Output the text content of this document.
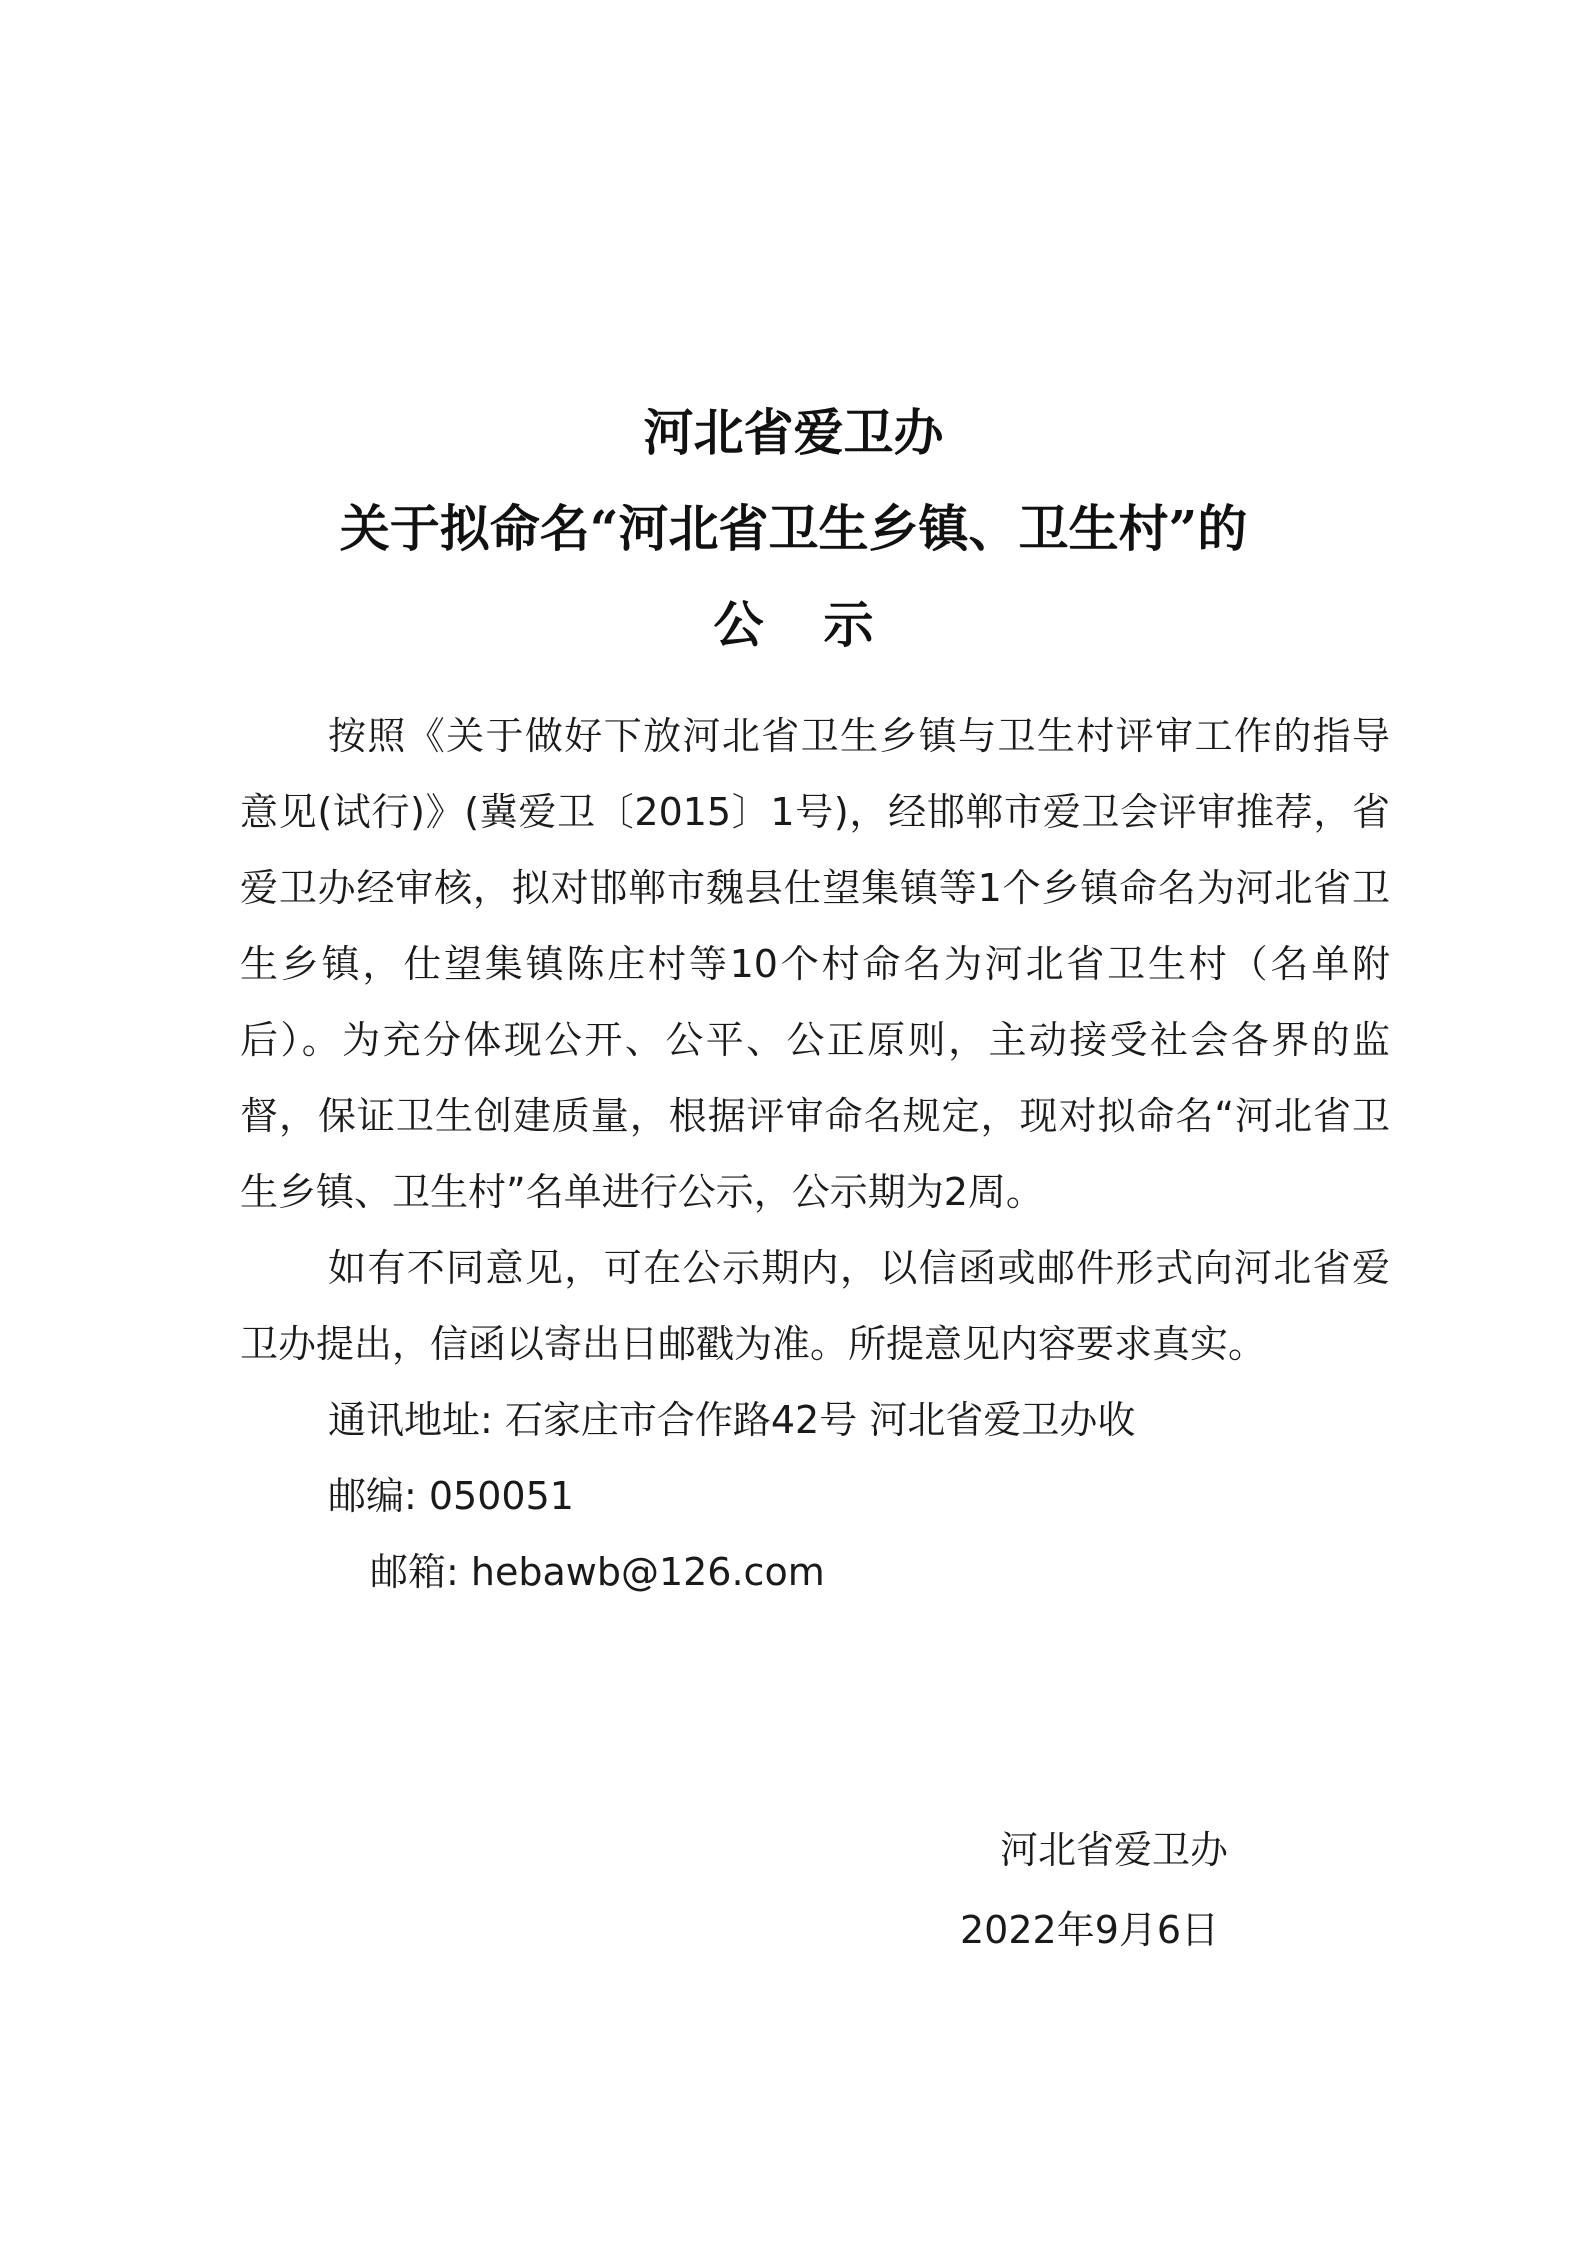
河北省爱卫办
关于拟命名“河北省卫生乡镇、卫生村”的
公示

按照《关于做好下放河北省卫生乡镇与卫生村评审工作的指导意见(试行)》(冀爱卫〔2015〕1号)，经邯郸市爱卫会评审推荐，省爱卫办经审核，拟对邯郸市魏县仕望集镇等1个乡镇命名为河北省卫生乡镇，仕望集镇陈庄村等10个村命名为河北省卫生村（名单附后）。为充分体现公开、公平、公正原则，主动接受社会各界的监督，保证卫生创建质量，根据评审命名规定，现对拟命名“河北省卫生乡镇、卫生村”名单进行公示，公示期为2周。

如有不同意见，可在公示期内，以信函或邮件形式向河北省爱卫办提出，信函以寄出日邮戳为准。所提意见内容要求真实。

通讯地址: 石家庄市合作路42号 河北省爱卫办收

邮编: 050051

邮箱: hebawb@126.com

河北省爱卫办
2022年9月6日
